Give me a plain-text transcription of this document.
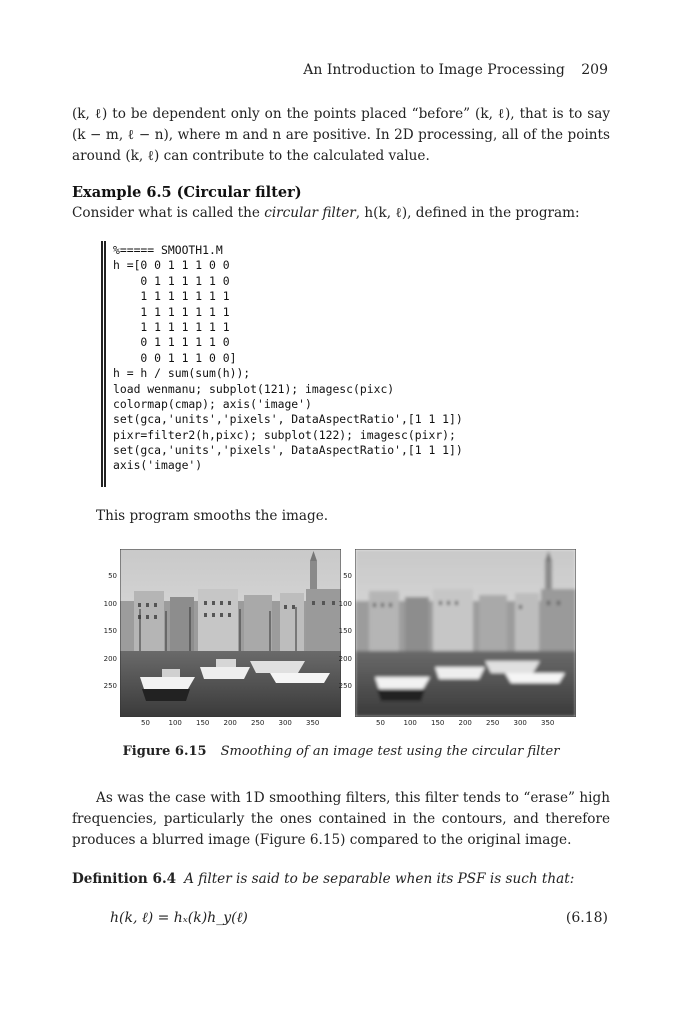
An Introduction to Image Processing 209

(k, ℓ) to be dependent only on the points placed “before” (k, ℓ), that is to say (k − m, ℓ − n), where m and n are positive. In 2D processing, all of the points around (k, ℓ) can contribute to the calculated value.

Example 6.5 (Circular filter)
Consider what is called the circular filter, h(k, ℓ), defined in the program:
%===== SMOOTH1.M
h =[0 0 1 1 1 0 0
0 1 1 1 1 1 0
1 1 1 1 1 1 1
1 1 1 1 1 1 1
1 1 1 1 1 1 1
0 1 1 1 1 1 0
0 0 1 1 1 0 0]
h = h / sum(sum(h));
load wenmanu; subplot(121); imagesc(pixc)
colormap(cmap); axis('image')
set(gca,'units','pixels', DataAspectRatio',[1 1 1])
pixr=filter2(h,pixc); subplot(122); imagesc(pixr);
set(gca,'units','pixels', DataAspectRatio',[1 1 1])
axis('image')
This program smooths the image.
50
100
150
200
250
50	100 150 200 250 300 350
50
100
150
200
250
50	100 150 200 250 300 350
Figure 6.15 Smoothing of an image test using the circular filter

As was the case with 1D smoothing filters, this filter tends to “erase” high frequencies, particularly the ones contained in the contours, and therefore produces a blurred image (Figure 6.15) compared to the original image.

Definition 6.4 A filter is said to be separable when its PSF is such that:
h(k, ℓ) = hₓ(k)h_y(ℓ)	(6.18)
